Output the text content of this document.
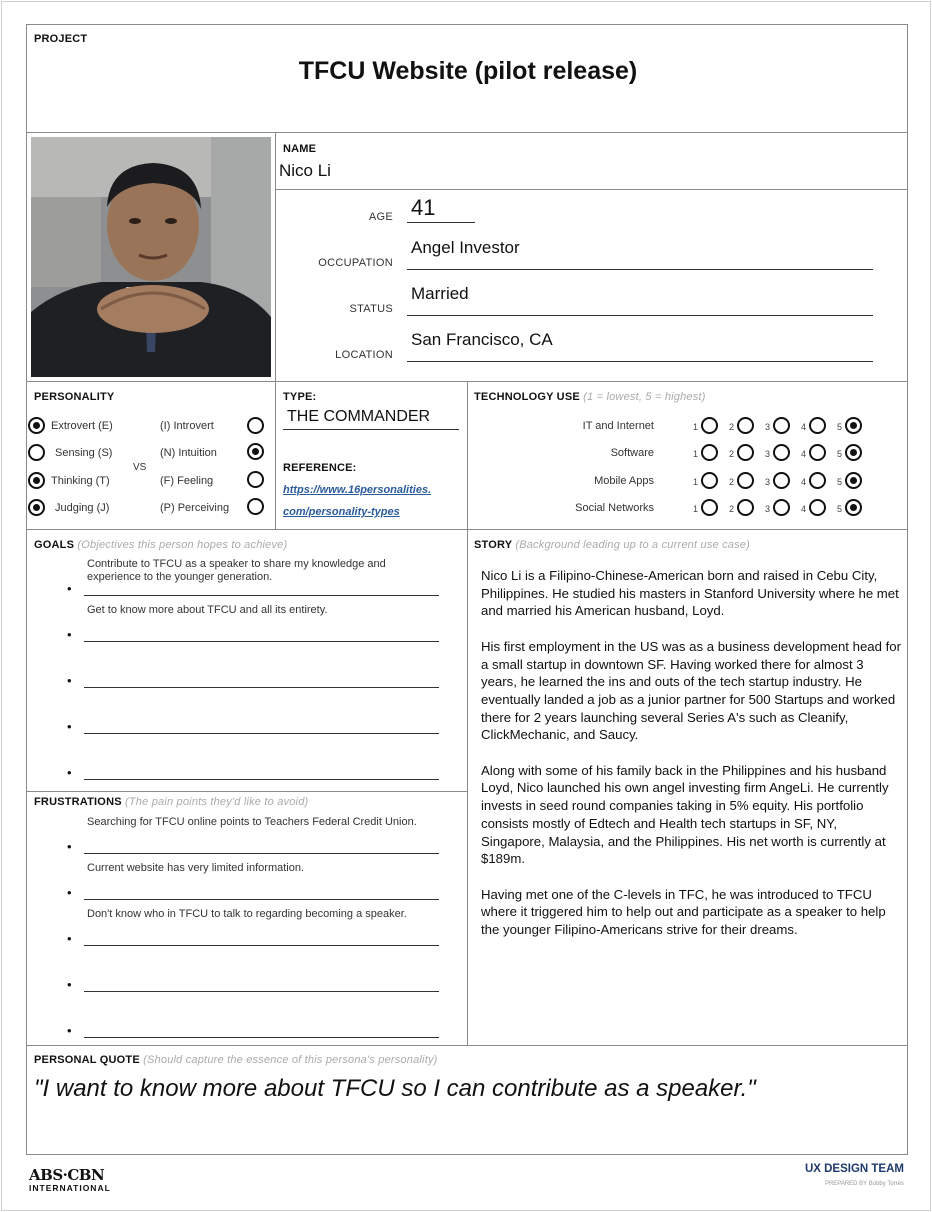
PROJECT
TFCU Website (pilot release)
NAME
Nico Li
AGE 41
OCCUPATION
Angel Investor
STATUS
Married
LOCATION
San Francisco, CA
PERSONALITY
VS
Extrovert (E)	(I) Introvert
Sensing (S)	(N) Intuition
Thinking (T)	(F) Feeling
Judging (J)	(P) Perceiving
TYPE:
THE COMMANDER
REFERENCE:
https://www.16personalities.
com/personality-types
TECHNOLOGY USE (1 = lowest, 5 = highest)
IT and Internet	1	2	3	4	5
Software	1	2	3	4	5
Mobile Apps	1	2	3	4	5
Social Networks	1	2	3	4	5
GOALS (Objectives this person hopes to achieve)
•
Contribute to TFCU as a speaker to share my knowledge and experience to the younger generation.
•
Get to know more about TFCU and all its entirety.
•
•
•
FRUSTRATIONS (The pain points they'd like to avoid)
•
Searching for TFCU online points to Teachers Federal Credit Union.
•
Current website has very limited information.
•
Don't know who in TFCU to talk to regarding becoming a speaker.
•
•
STORY (Background leading up to a current use case)

Nico Li is a Filipino-Chinese-American born and raised in Cebu City, Philippines. He studied his masters in Stanford University where he met and married his American husband, Loyd.

His first employment in the US was as a business development head for a small startup in downtown SF. Having worked there for almost 3 years, he learned the ins and outs of the tech startup industry. He eventually landed a job as a junior partner for 500 Startups and worked there for 2 years launching several Series A's such as Cleanify, ClickMechanic, and Saucy.

Along with some of his family back in the Philippines and his husband Loyd, Nico launched his own angel investing firm AngeLi. He currently invests in seed round companies taking in 5% equity. His portfolio consists mostly of Edtech and Health tech startups in SF, NY, Singapore, Malaysia, and the Philippines. His net worth is currently at $189m.

Having met one of the C-levels in TFC, he was introduced to TFCU where it triggered him to help out and participate as a speaker to help the younger Filipino-Americans strive for their dreams.

PERSONAL QUOTE (Should capture the essence of this persona's personality)
"I want to know more about TFCU so I can contribute as a speaker."
ABS·CBN
INTERNATIONAL
UX DESIGN TEAM
PREPARED BY Bobby Torres
